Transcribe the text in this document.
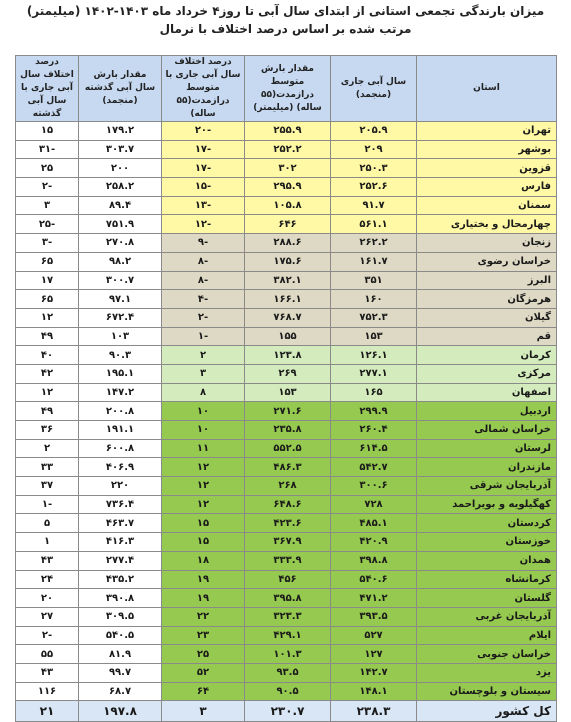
میزان بارندگی تجمعی استانی از ابتدای سال آبی تا روز۴ خرداد ماه ۱۴۰۳-۱۴۰۲ (میلیمتر)
مرتب شده بر اساس درصد اختلاف با نرمال
استان	سال آبی جاری (منجمد)	مقدار بارش متوسط درازمدت(۵۵ ساله) (میلیمتر)	درصد اختلاف سال آبی جاری با متوسط درازمدت(۵۵ ساله)	مقدار بارش سال آبی گذشته (منجمد)	درصد اختلاف سال آبی جاری با سال آبی گذشته
تهران	۲۰۵.۹	۲۵۵.۹	-۲۰	۱۷۹.۲	۱۵
بوشهر	۲۰۹	۲۵۲.۲	-۱۷	۳۰۳.۷	-۳۱
قزوین	۲۵۰.۳	۳۰۲	-۱۷	۲۰۰	۲۵
فارس	۲۵۲.۶	۲۹۵.۹	-۱۵	۲۵۸.۲	-۲
سمنان	۹۱.۷	۱۰۵.۸	-۱۳	۸۹.۴	۳
چهارمحال و بختیاری	۵۶۱.۱	۶۴۶	-۱۲	۷۵۱.۹	-۲۵
زنجان	۲۶۲.۲	۲۸۸.۶	-۹	۲۷۰.۸	-۳
خراسان رضوی	۱۶۱.۷	۱۷۵.۶	-۸	۹۸.۲	۶۵
البرز	۳۵۱	۳۸۲.۱	-۸	۳۰۰.۷	۱۷
هرمزگان	۱۶۰	۱۶۶.۱	-۴	۹۷.۱	۶۵
گیلان	۷۵۲.۳	۷۶۸.۷	-۲	۶۷۲.۴	۱۲
قم	۱۵۳	۱۵۵	-۱	۱۰۳	۴۹
کرمان	۱۲۶.۱	۱۲۳.۸	۲	۹۰.۳	۴۰
مرکزی	۲۷۷.۱	۲۶۹	۳	۱۹۵.۱	۴۲
اصفهان	۱۶۵	۱۵۳	۸	۱۴۷.۲	۱۲
اردبیل	۲۹۹.۹	۲۷۱.۶	۱۰	۲۰۰.۸	۴۹
خراسان شمالی	۲۶۰.۴	۲۳۵.۸	۱۰	۱۹۱.۱	۳۶
لرستان	۶۱۴.۵	۵۵۲.۵	۱۱	۶۰۰.۸	۲
مازندران	۵۴۲.۷	۴۸۶.۳	۱۲	۴۰۶.۹	۳۳
آذربایجان شرقی	۳۰۰.۶	۲۶۸	۱۲	۲۲۰	۳۷
کهگیلویه و بویراحمد	۷۲۸	۶۴۸.۶	۱۲	۷۳۶.۴	-۱
کردستان	۴۸۵.۱	۴۲۳.۶	۱۵	۴۶۳.۷	۵
خوزستان	۴۲۰.۹	۳۶۷.۹	۱۵	۴۱۶.۳	۱
همدان	۳۹۸.۸	۳۳۳.۹	۱۸	۲۷۷.۴	۴۳
کرمانشاه	۵۴۰.۶	۴۵۶	۱۹	۴۳۵.۲	۲۴
گلستان	۴۷۱.۲	۳۹۵.۸	۱۹	۳۹۰.۸	۲۰
آذربایجان غربی	۳۹۳.۵	۳۲۳.۳	۲۲	۳۰۹.۵	۲۷
ایلام	۵۲۷	۴۲۹.۱	۲۳	۵۴۰.۵	-۲
خراسان جنوبی	۱۲۷	۱۰۱.۳	۲۵	۸۱.۹	۵۵
یزد	۱۴۲.۷	۹۳.۵	۵۲	۹۹.۷	۴۳
سیستان و بلوچستان	۱۴۸.۱	۹۰.۵	۶۴	۶۸.۷	۱۱۶
کل کشور	۲۳۸.۳	۲۳۰.۷	۳	۱۹۷.۸	۲۱
